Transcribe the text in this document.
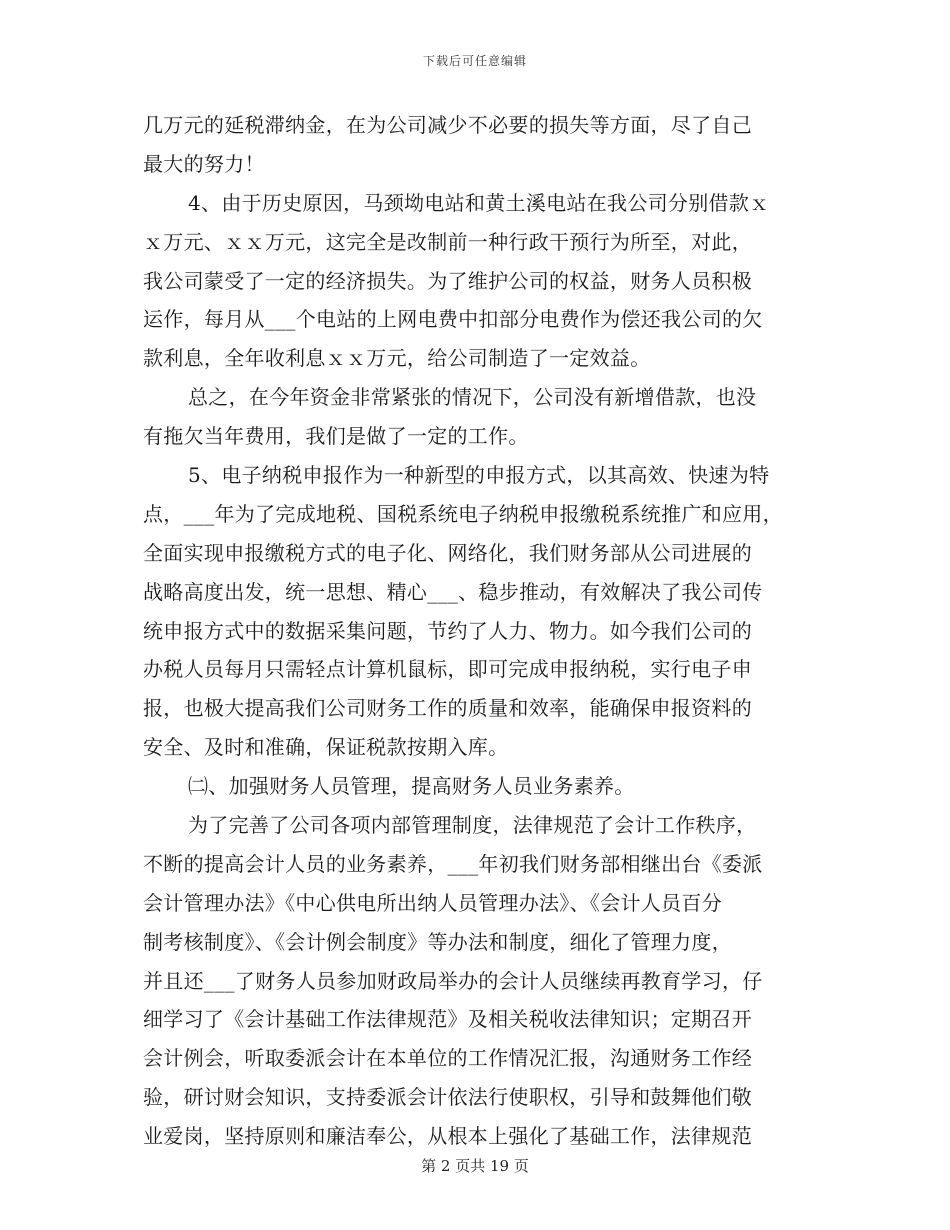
下载后可任意编辑
几万元的延税滞纳金，在为公司减少不必要的损失等方面，尽了自己
最大的努力！
4、由于历史原因，马颈坳电站和黄土溪电站在我公司分别借款ｘ
ｘ万元、ｘｘ万元，这完全是改制前一种行政干预行为所至，对此，
我公司蒙受了一定的经济损失。为了维护公司的权益，财务人员积极
运作，每月从___个电站的上网电费中扣部分电费作为偿还我公司的欠
款利息，全年收利息ｘｘ万元，给公司制造了一定效益。
总之，在今年资金非常紧张的情况下，公司没有新增借款，也没
有拖欠当年费用，我们是做了一定的工作。
5、电子纳税申报作为一种新型的申报方式，以其高效、快速为特
点，___年为了完成地税、国税系统电子纳税申报缴税系统推广和应用，
全面实现申报缴税方式的电子化、网络化，我们财务部从公司进展的
战略高度出发，统一思想、精心___、稳步推动，有效解决了我公司传
统申报方式中的数据采集问题，节约了人力、物力。如今我们公司的
办税人员每月只需轻点计算机鼠标，即可完成申报纳税，实行电子申
报，也极大提高我们公司财务工作的质量和效率，能确保申报资料的
安全、及时和准确，保证税款按期入库。
㈡、加强财务人员管理，提高财务人员业务素养。
为了完善了公司各项内部管理制度，法律规范了会计工作秩序，
不断的提高会计人员的业务素养，___年初我们财务部相继出台《委派
会计管理办法》《中心供电所出纳人员管理办法》、《会计人员百分
制考核制度》、《会计例会制度》等办法和制度，细化了管理力度，
并且还___了财务人员参加财政局举办的会计人员继续再教育学习，仔
细学习了《会计基础工作法律规范》及相关税收法律知识；定期召开
会计例会，听取委派会计在本单位的工作情况汇报，沟通财务工作经
验，研讨财会知识，支持委派会计依法行使职权，引导和鼓舞他们敬
业爱岗，坚持原则和廉洁奉公，从根本上强化了基础工作，法律规范
第 2 页共 19 页
